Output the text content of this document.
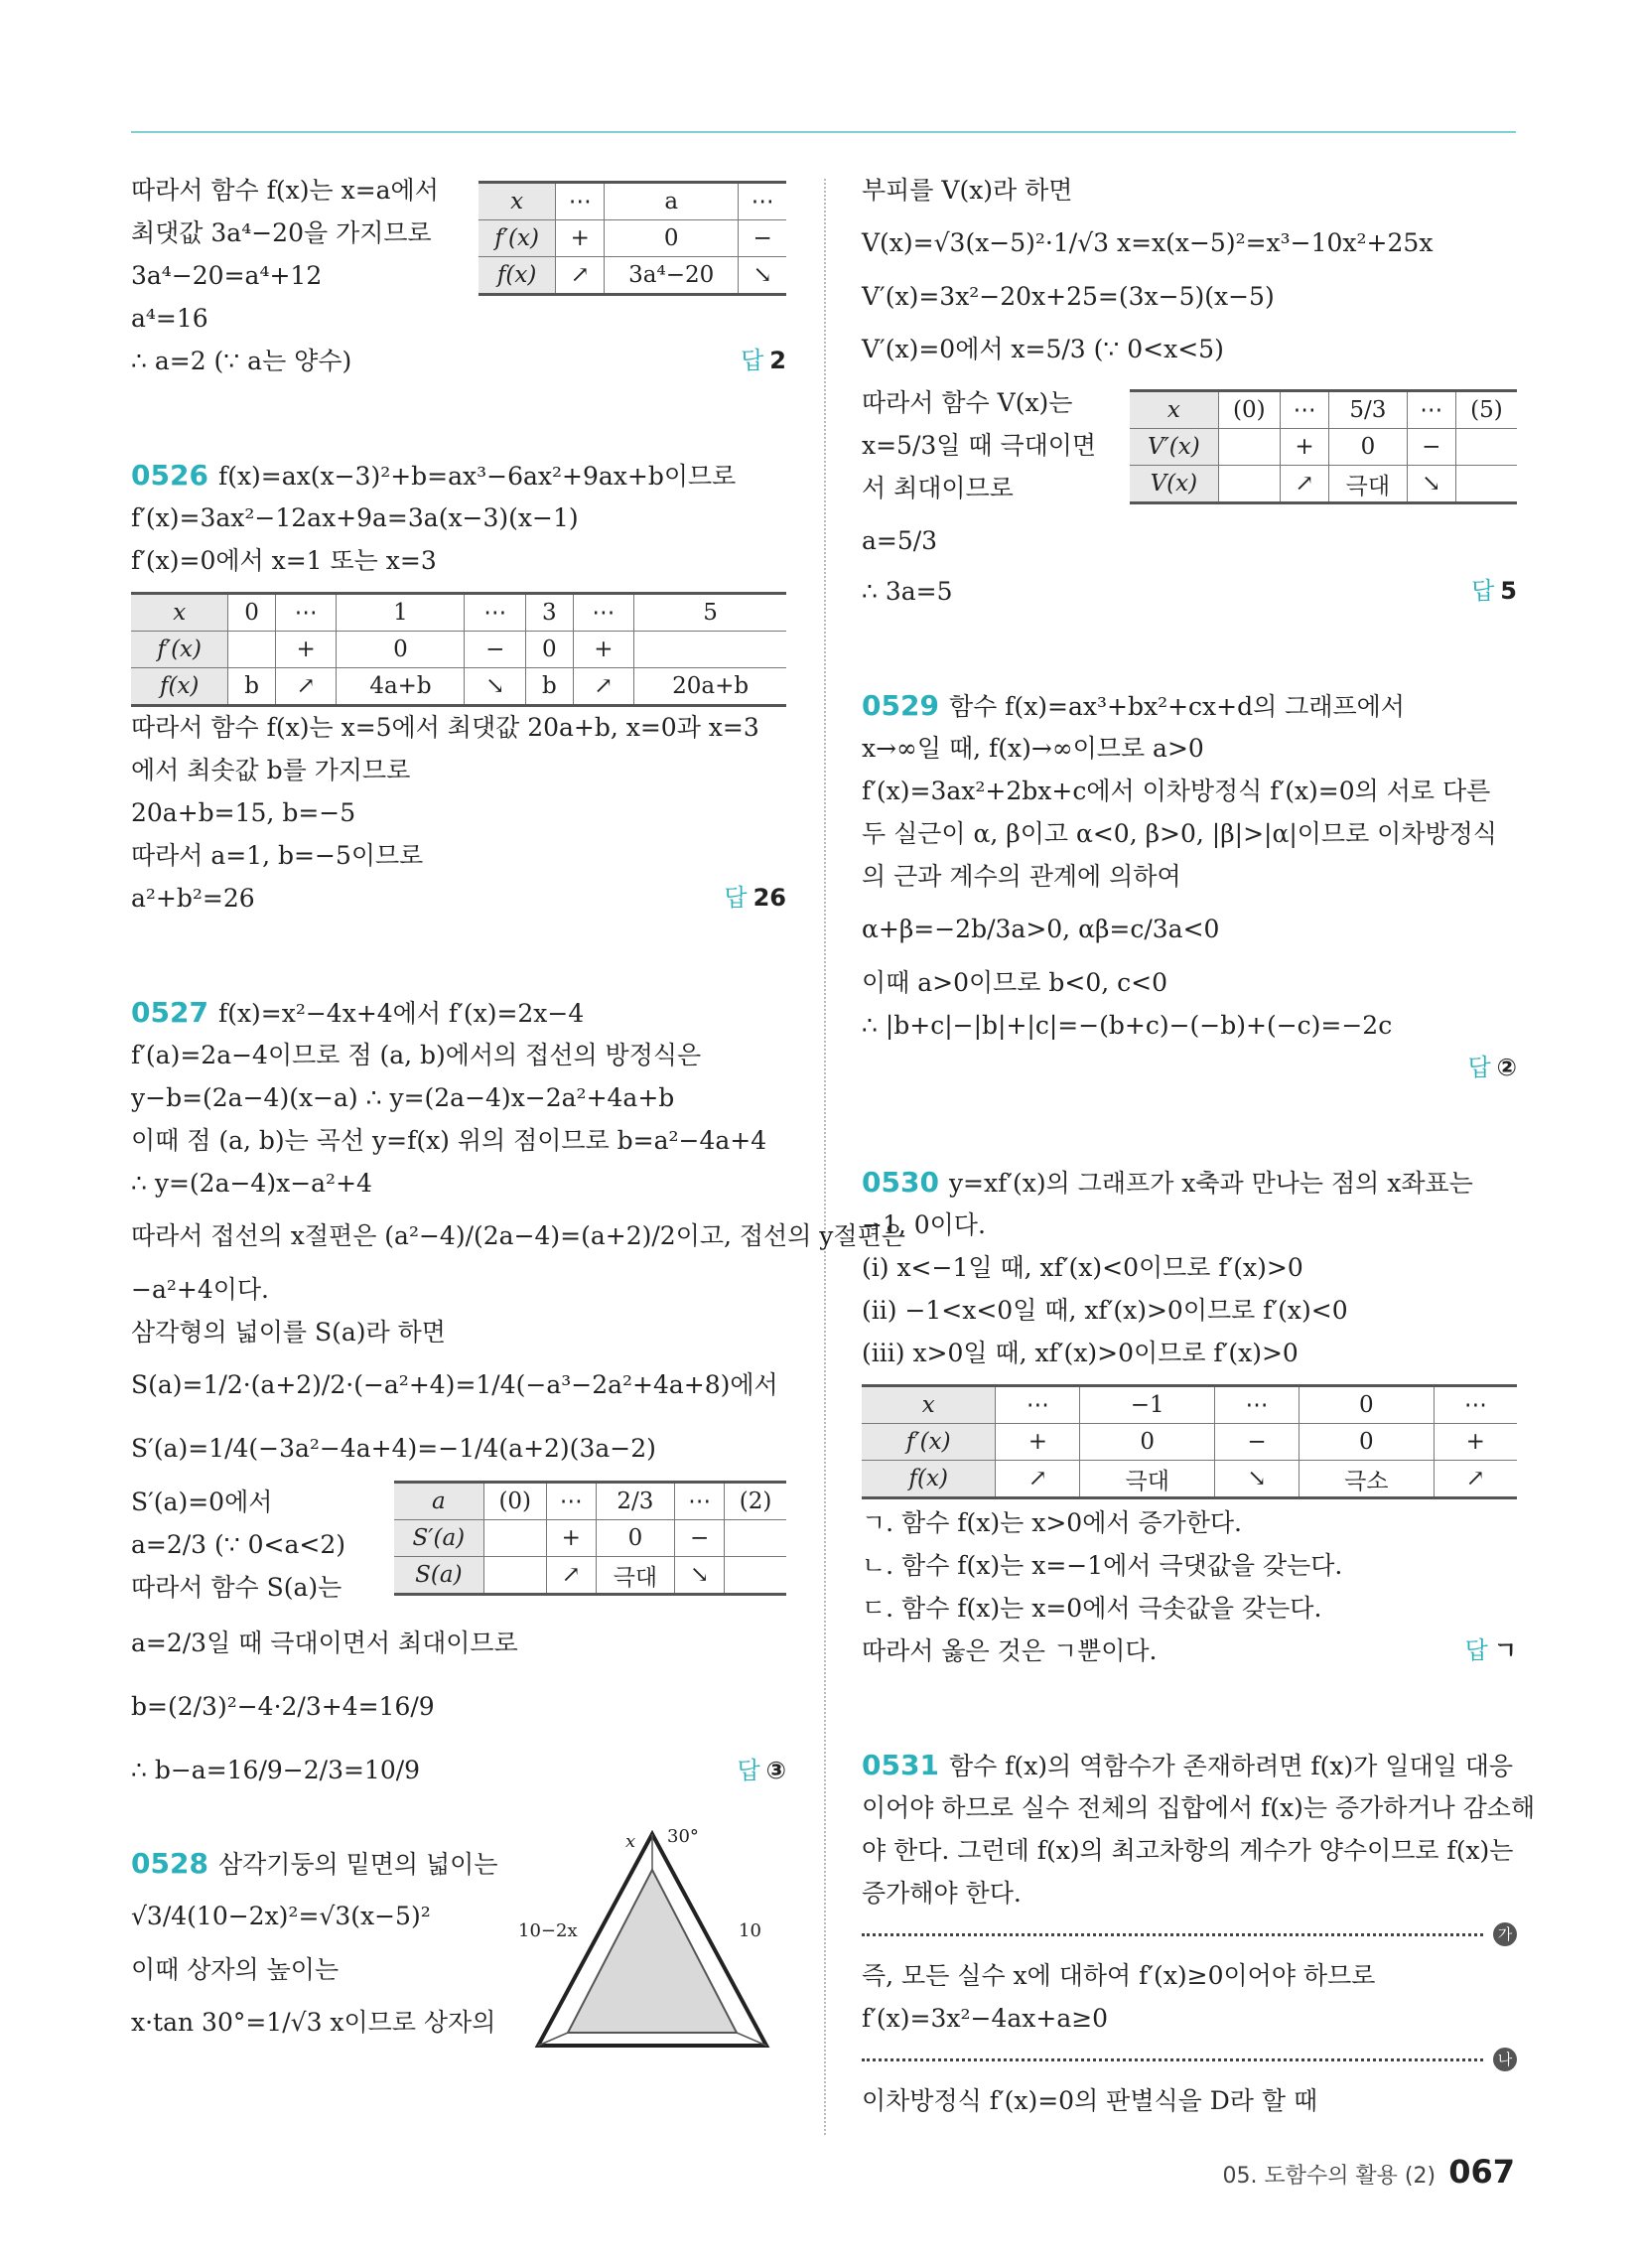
따라서 함수 f(x)는 x=a에서
최댓값 3a⁴−20을 가지므로
3a⁴−20=a⁴+12
a⁴=16
∴ a=2 (∵ a는 양수)	답 2
x	⋯	a	⋯
f′(x)	+	0	−
f(x)	↗	3a⁴−20	↘
0526 f(x)=ax(x−3)²+b=ax³−6ax²+9ax+b이므로
f′(x)=3ax²−12ax+9a=3a(x−3)(x−1)
f′(x)=0에서 x=1 또는 x=3
x	0	⋯	1	⋯	3	⋯	5
f′(x)		+	0	−	0	+	
f(x)	b	↗	4a+b	↘	b	↗	20a+b
따라서 함수 f(x)는 x=5에서 최댓값 20a+b, x=0과 x=3
에서 최솟값 b를 가지므로
20a+b=15, b=−5
따라서 a=1, b=−5이므로
a²+b²=26	답 26
0527 f(x)=x²−4x+4에서 f′(x)=2x−4
f′(a)=2a−4이므로 점 (a, b)에서의 접선의 방정식은
y−b=(2a−4)(x−a) ∴ y=(2a−4)x−2a²+4a+b
이때 점 (a, b)는 곡선 y=f(x) 위의 점이므로 b=a²−4a+4
∴ y=(2a−4)x−a²+4
따라서 접선의 x절편은 (a²−4)/(2a−4)=(a+2)/2이고, 접선의 y절편은
−a²+4이다.
삼각형의 넓이를 S(a)라 하면
S(a)=1/2·(a+2)/2·(−a²+4)=1/4(−a³−2a²+4a+8)에서
S′(a)=1/4(−3a²−4a+4)=−1/4(a+2)(3a−2)
S′(a)=0에서
a=2/3 (∵ 0<a<2)
따라서 함수 S(a)는
a	(0)	⋯	2/3	⋯	(2)
S′(a)		+	0	−	
S(a)		↗	극대	↘	
a=2/3일 때 극대이면서 최대이므로
b=(2/3)²−4·2/3+4=16/9
∴ b−a=16/9−2/3=10/9	답 ③
0528 삼각기둥의 밑면의 넓이는
√3/4(10−2x)²=√3(x−5)²
이때 상자의 높이는
x·tan 30°=1/√3 x이므로 상자의
30°
x
10−2x	10
부피를 V(x)라 하면
V(x)=√3(x−5)²·1/√3 x=x(x−5)²=x³−10x²+25x
V′(x)=3x²−20x+25=(3x−5)(x−5)
V′(x)=0에서 x=5/3 (∵ 0<x<5)
따라서 함수 V(x)는
x=5/3일 때 극대이면
서 최대이므로
a=5/3
x	(0)	⋯	5/3	⋯	(5)
V′(x)		+	0	−	
V(x)		↗	극대	↘	
∴ 3a=5	답 5
0529 함수 f(x)=ax³+bx²+cx+d의 그래프에서
x→∞일 때, f(x)→∞이므로 a>0
f′(x)=3ax²+2bx+c에서 이차방정식 f′(x)=0의 서로 다른
두 실근이 α, β이고 α<0, β>0, |β|>|α|이므로 이차방정식
의 근과 계수의 관계에 의하여
α+β=−2b/3a>0, αβ=c/3a<0
이때 a>0이므로 b<0, c<0
∴ |b+c|−|b|+|c|=−(b+c)−(−b)+(−c)=−2c
답 ②
0530 y=xf′(x)의 그래프가 x축과 만나는 점의 x좌표는
−1, 0이다.
(i) x<−1일 때, xf′(x)<0이므로 f′(x)>0
(ii) −1<x<0일 때, xf′(x)>0이므로 f′(x)<0
(iii) x>0일 때, xf′(x)>0이므로 f′(x)>0
x	⋯	−1	⋯	0	⋯
f′(x)	+	0	−	0	+
f(x)	↗	극대	↘	극소	↗
ㄱ. 함수 f(x)는 x>0에서 증가한다.
ㄴ. 함수 f(x)는 x=−1에서 극댓값을 갖는다.
ㄷ. 함수 f(x)는 x=0에서 극솟값을 갖는다.
따라서 옳은 것은 ㄱ뿐이다.	답 ㄱ
0531 함수 f(x)의 역함수가 존재하려면 f(x)가 일대일 대응
이어야 하므로 실수 전체의 집합에서 f(x)는 증가하거나 감소해
야 한다. 그런데 f(x)의 최고차항의 계수가 양수이므로 f(x)는
증가해야 한다.
가
즉, 모든 실수 x에 대하여 f′(x)≥0이어야 하므로
f′(x)=3x²−4ax+a≥0
나
이차방정식 f′(x)=0의 판별식을 D라 할 때
05. 도함수의 활용 (2) 067
